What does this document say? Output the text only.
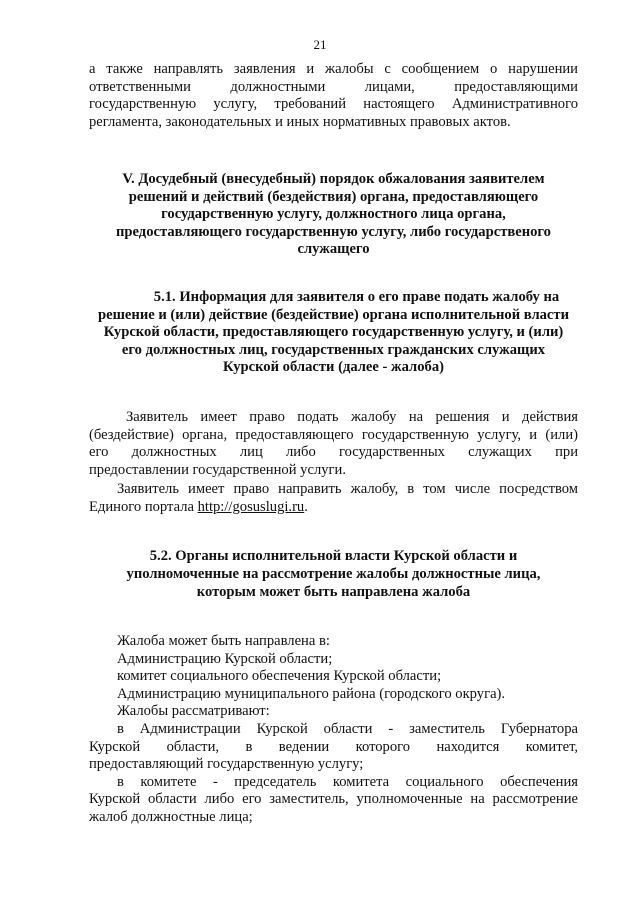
21

а также направлять заявления и жалобы с сообщением о нарушении

ответственными должностными лицами, предоставляющими

государственную услугу, требований настоящего Административного

регламента, законодательных и иных нормативных правовых актов.

V. Досудебный (внесудебный) порядок обжалования заявителем

решений и действий (бездействия) органа, предоставляющего

государственную услугу, должностного лица органа,

предоставляющего государственную услугу, либо государственого

служащего

5.1. Информация для заявителя о его праве подать жалобу на

решение и (или) действие (бездействие) органа исполнительной власти

Курской области, предоставляющего государственную услугу, и (или)

его должностных лиц, государственных гражданских служащих

Курской области (далее - жалоба)

Заявитель имеет право подать жалобу на решения и действия

(бездействие) органа, предоставляющего государственную услугу, и (или)

его должностных лиц либо государственных служащих при

предоставлении государственной услуги.

Заявитель имеет право направить жалобу, в том числе посредством

Единого портала http://gosuslugi.ru.

5.2. Органы исполнительной власти Курской области и

уполномоченные на рассмотрение жалобы должностные лица,

которым может быть направлена жалоба

Жалоба может быть направлена в:

Администрацию Курской области;

комитет социального обеспечения Курской области;

Администрацию муниципального района (городского округа).

Жалобы рассматривают:

в Администрации Курской области - заместитель Губернатора

Курской области, в ведении которого находится комитет,

предоставляющий государственную услугу;

в комитете - председатель комитета социального обеспечения

Курской области либо его заместитель, уполномоченные на рассмотрение

жалоб должностные лица;
